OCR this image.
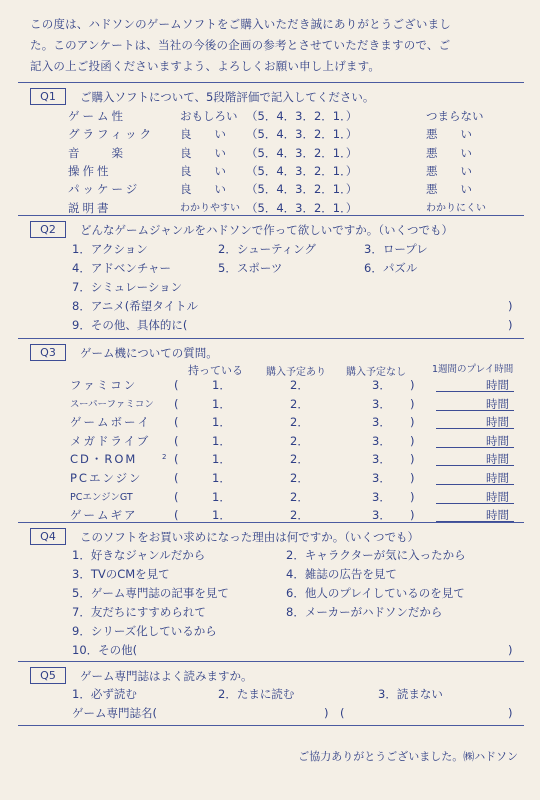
この度は、ハドソンのゲームソフトをご購入いただき誠にありがとうございまし
た。このアンケートは、当社の今後の企画の参考とさせていただきますので、ご
記入の上ご投函くださいますよう、よろしくお願い申し上げます。
Q1	ご購入ソフトについて、5段階評価で記入してください。
ゲーム性	おもしろい （5．4．3．2．1．）	つまらない
グラフィック 良　　い （5．4．3．2．1．）	悪　　い
音　　楽	良　　い （5．4．3．2．1．）	悪　　い
操作性	良　　い （5．4．3．2．1．）	悪　　い
パッケージ	良　　い （5．4．3．2．1．）	悪　　い
説明書	わかりやすい （5．4．3．2．1．）	わかりにくい
Q2	どんなゲームジャンルをハドソンで作って欲しいですか。（いくつでも）
1．アクション	2．シューティング	3．ロープレ
4．アドベンチャー	5．スポーツ	6．パズル
7．シミュレーション
8．アニメ(希望タイトル	)
9．その他、具体的に(	)
Q3	ゲーム機についての質問。
持っている 購入予定あり 購入予定なし	1週間のプレイ時間
ファミコン	(	1．	2．	3． )	時間
スーパーファミコン (	1．	2．	3． )	時間
ゲームボーイ (	1．	2．	3． )	時間
メガドライブ (	1．	2．	3． )	時間
CD・ROM	2 (	1．	2．	3． )	時間
PCエンジン	(	1．	2．	3． )	時間
PCエンジンGT	(	1．	2．	3． )	時間
ゲームギア	(	1．	2．	3． )	時間
Q4	このソフトをお買い求めになった理由は何ですか。（いくつでも）
1．好きなジャンルだから	2．キャラクターが気に入ったから
3．TVのCMを見て	4．雑誌の広告を見て
5．ゲーム専門誌の記事を見て	6．他人のプレイしているのを見て
7．友だちにすすめられて	8．メーカーがハドソンだから
9．シリーズ化しているから
10．その他(	)
Q5	ゲーム専門誌はよく読みますか。
1．必ず読む	2．たまに読む	3．読まない
ゲーム専門誌名(	)　(	)
ご協力ありがとうございました。㈱ハドソン
